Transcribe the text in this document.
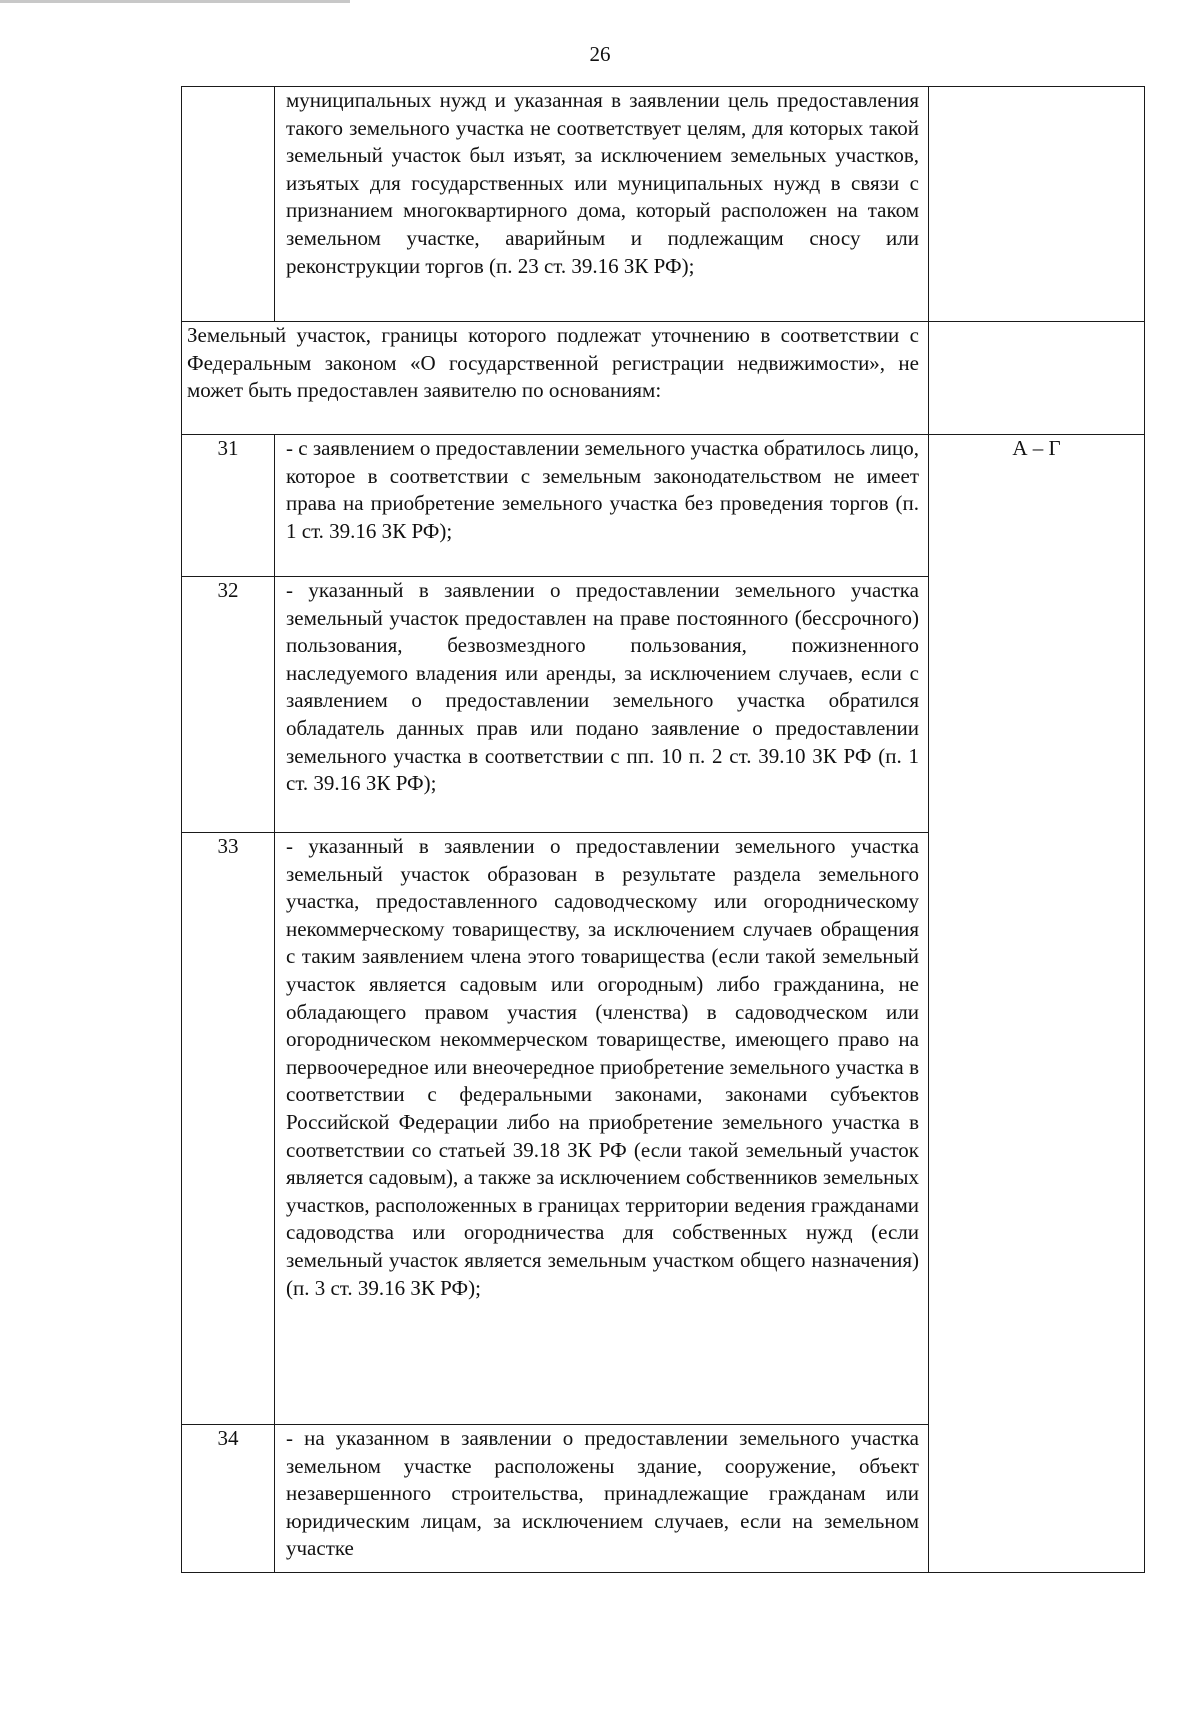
26
	муниципальных нужд и указанная в заявлении цель предоставления такого земельного участка не соответствует целям, для которых такой земельный участок был изъят, за исключением земельных участков, изъятых для государственных или муниципальных нужд в связи с признанием многоквартирного дома, который расположен на таком земельном участке, аварийным и подлежащим сносу или реконструкции торгов (п. 23 ст. 39.16 ЗК РФ);	
Земельный участок, границы которого подлежат уточнению в соответствии с Федеральным законом «О государственной регистрации недвижимости», не может быть предоставлен заявителю по основаниям:		
31	- с заявлением о предоставлении земельного участка обратилось лицо, которое в соответствии с земельным законодательством не имеет права на приобретение земельного участка без проведения торгов (п. 1 ст. 39.16 ЗК РФ);	А – Г
32	- указанный в заявлении о предоставлении земельного участка земельный участок предоставлен на праве постоянного (бессрочного) пользования, безвозмездного пользования, пожизненного наследуемого владения или аренды, за исключением случаев, если с заявлением о предоставлении земельного участка обратился обладатель данных прав или подано заявление о предоставлении земельного участка в соответствии с пп. 10 п. 2 ст. 39.10 ЗК РФ (п. 1 ст. 39.16 ЗК РФ);	
33	- указанный в заявлении о предоставлении земельного участка земельный участок образован в результате раздела земельного участка, предоставленного садоводческому или огородническому некоммерческому товариществу, за исключением случаев обращения с таким заявлением члена этого товарищества (если такой земельный участок является садовым или огородным) либо гражданина, не обладающего правом участия (членства) в садоводческом или огородническом некоммерческом товариществе, имеющего право на первоочередное или внеочередное приобретение земельного участка в соответствии с федеральными законами, законами субъектов Российской Федерации либо на приобретение земельного участка в соответствии со статьей 39.18 ЗК РФ (если такой земельный участок является садовым), а также за исключением собственников земельных участков, расположенных в границах территории ведения гражданами садоводства или огородничества для собственных нужд (если земельный участок является земельным участком общего назначения) (п. 3 ст. 39.16 ЗК РФ);	
34	- на указанном в заявлении о предоставлении земельного участка земельном участке расположены здание, сооружение, объект незавершенного строительства, принадлежащие гражданам или юридическим лицам, за исключением случаев, если на земельном участке	
